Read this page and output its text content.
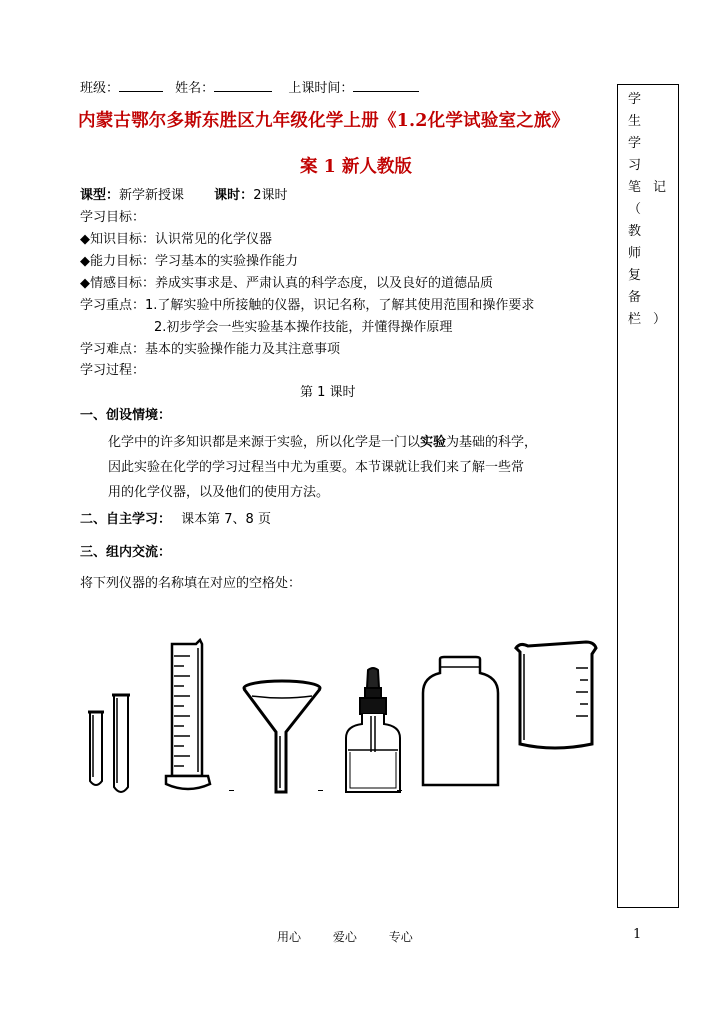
班级：	姓名：	上课时间：
内蒙古鄂尔多斯东胜区九年级化学上册《1.2化学试验室之旅》
案 1 新人教版
学 生 学 习 笔记 （ 教 师 复 备栏）
课型：新学新授课 课时：2课时
学习目标：
◆知识目标：认识常见的化学仪器
◆能力目标：学习基本的实验操作能力
◆情感目标：养成实事求是、严肃认真的科学态度，以及良好的道德品质
学习重点：1.了解实验中所接触的仪器，识记名称，了解其使用范围和操作要求
2.初步学会一些实验基本操作技能，并懂得操作原理
学习难点：基本的实验操作能力及其注意事项
学习过程：
第 1 课时
一、创设情境：
化学中的许多知识都是来源于实验，所以化学是一门以实验为基础的科学，
因此实验在化学的学习过程当中尤为重要。本节课就让我们来了解一些常
用的化学仪器，以及他们的使用方法。
二、自主学习： 课本第 7、8 页
三、组内交流：
将下列仪器的名称填在对应的空格处：
用心	爱心	专心	1
